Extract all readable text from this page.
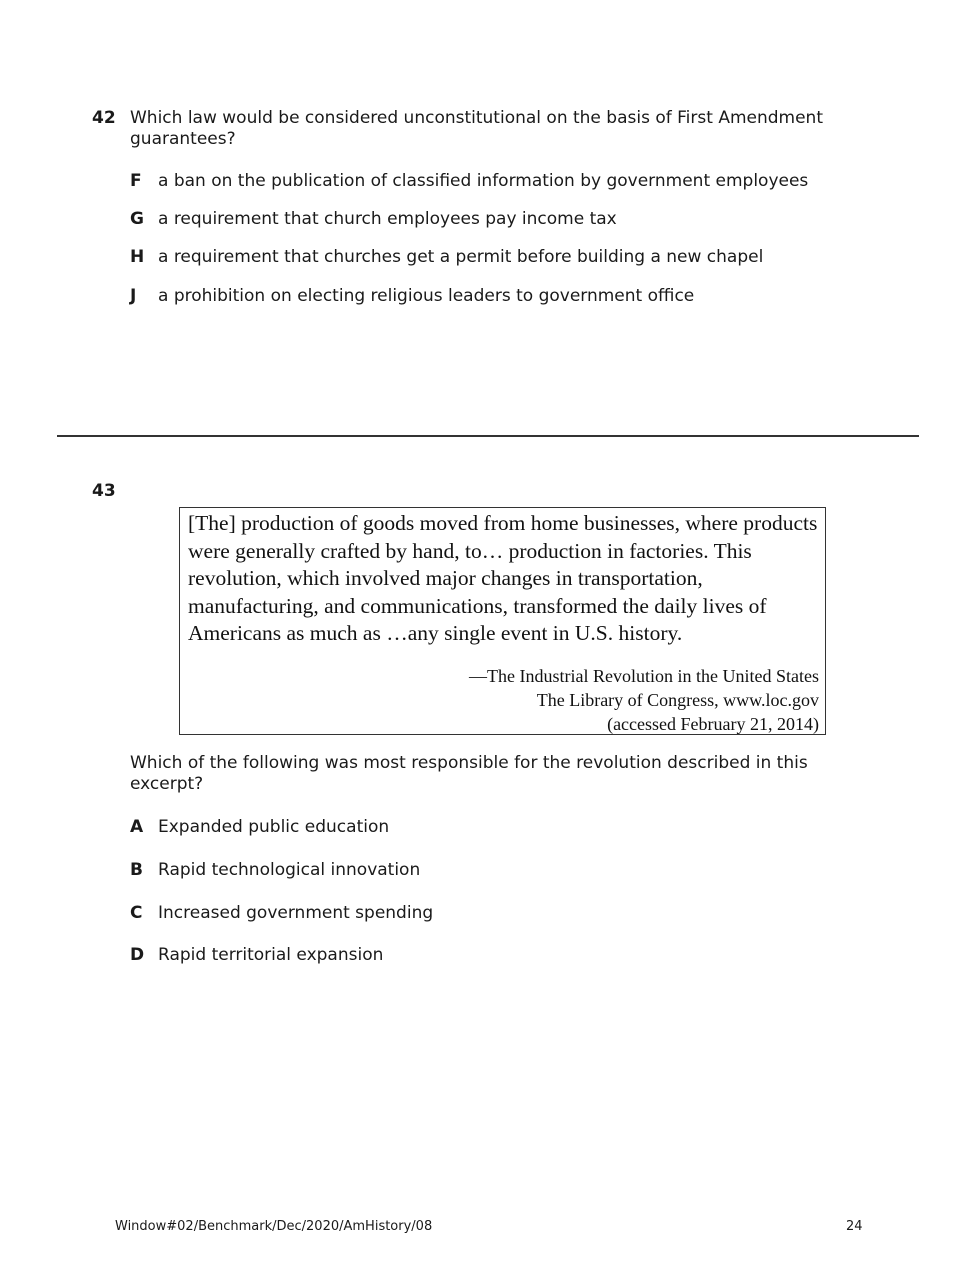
42 Which law would be considered unconstitutional on the basis of First Amendment guarantees?
F a ban on the publication of classified information by government employees
G a requirement that church employees pay income tax
H a requirement that churches get a permit before building a new chapel
J a prohibition on electing religious leaders to government office
43
[The] production of goods moved from home businesses, where products were generally crafted by hand, to… production in factories. This revolution, which involved major changes in transportation, manufacturing, and communications, transformed the daily lives of Americans as much as …any single event in U.S. history.
—The Industrial Revolution in the United States
The Library of Congress, www.loc.gov
(accessed February 21, 2014)
Which of the following was most responsible for the revolution described in this excerpt?
A Expanded public education
B Rapid technological innovation
C Increased government spending
D Rapid territorial expansion
Window#02/Benchmark/Dec/2020/AmHistory/08	24
